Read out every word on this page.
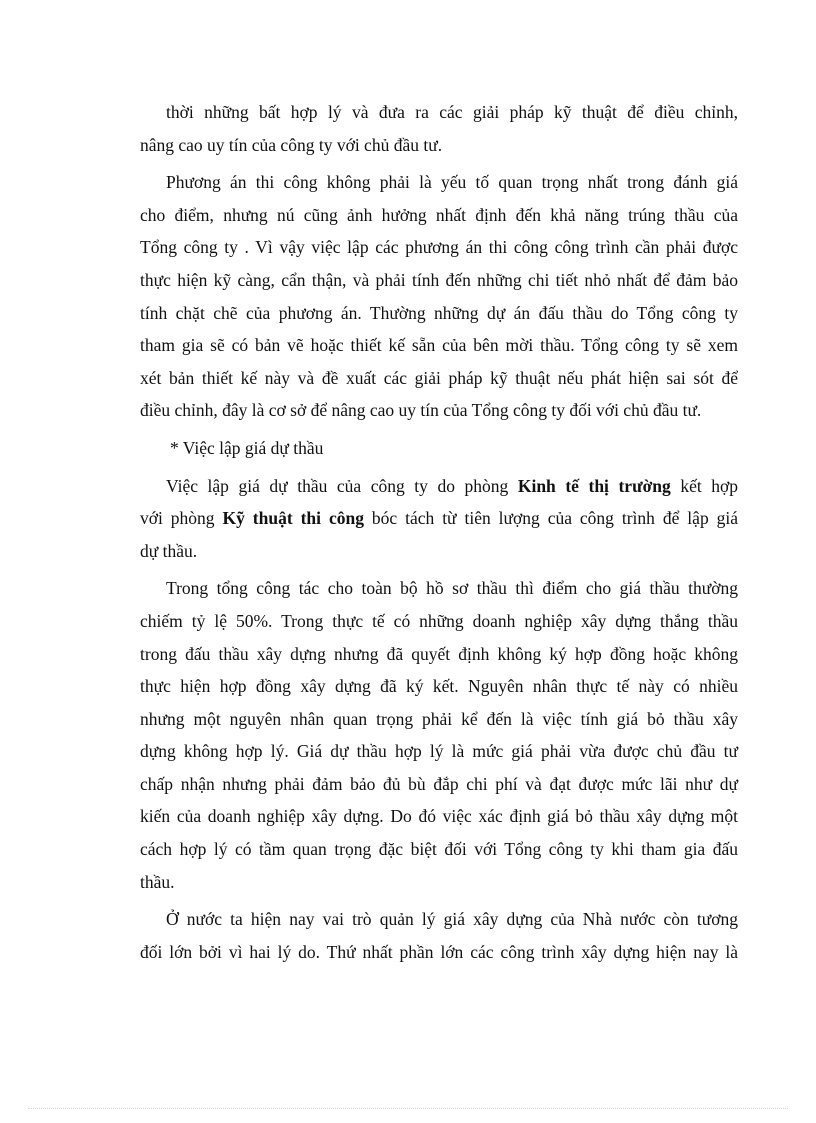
thời những bất hợp lý và đưa ra các giải pháp kỹ thuật để điều chỉnh,
nâng cao uy tín của công ty với chủ đầu tư.
Phương án thi công không phải là yếu tố quan trọng nhất trong đánh giá
cho điểm, nhưng nú cũng ảnh hưởng nhất định đến khả năng trúng thầu của
Tổng công ty . Vì vậy việc lập các phương án thi công công trình cần phải được
thực hiện kỹ càng, cẩn thận, và phải tính đến những chi tiết nhỏ nhất để đảm bảo
tính chặt chẽ của phương án. Thường những dự án đấu thầu do Tổng công ty
tham gia sẽ có bản vẽ hoặc thiết kế sẵn của bên mời thầu. Tổng công ty sẽ xem
xét bản thiết kế này và đề xuất các giải pháp kỹ thuật nếu phát hiện sai sót để
điều chỉnh, đây là cơ sở để nâng cao uy tín của Tổng công ty đối với chủ đầu tư.
* Việc lập giá dự thầu
Việc lập giá dự thầu của công ty do phòng Kinh tế thị trường kết hợp
với phòng Kỹ thuật thi công bóc tách từ tiên lượng của công trình để lập giá
dự thầu.
Trong tổng công tác cho toàn bộ hồ sơ thầu thì điểm cho giá thầu thường
chiếm tỷ lệ 50%. Trong thực tế có những doanh nghiệp xây dựng thắng thầu
trong đấu thầu xây dựng nhưng đã quyết định không ký hợp đồng hoặc không
thực hiện hợp đồng xây dựng đã ký kết. Nguyên nhân thực tế này có nhiều
nhưng một nguyên nhân quan trọng phải kể đến là việc tính giá bỏ thầu xây
dựng không hợp lý. Giá dự thầu hợp lý là mức giá phải vừa được chủ đầu tư
chấp nhận nhưng phải đảm bảo đủ bù đắp chi phí và đạt được mức lãi như dự
kiến của doanh nghiệp xây dựng. Do đó việc xác định giá bỏ thầu xây dựng một
cách hợp lý có tầm quan trọng đặc biệt đối với Tổng công ty khi tham gia đấu
thầu.
Ở nước ta hiện nay vai trò quản lý giá xây dựng của Nhà nước còn tương
đối lớn bởi vì hai lý do. Thứ nhất phần lớn các công trình xây dựng hiện nay là
